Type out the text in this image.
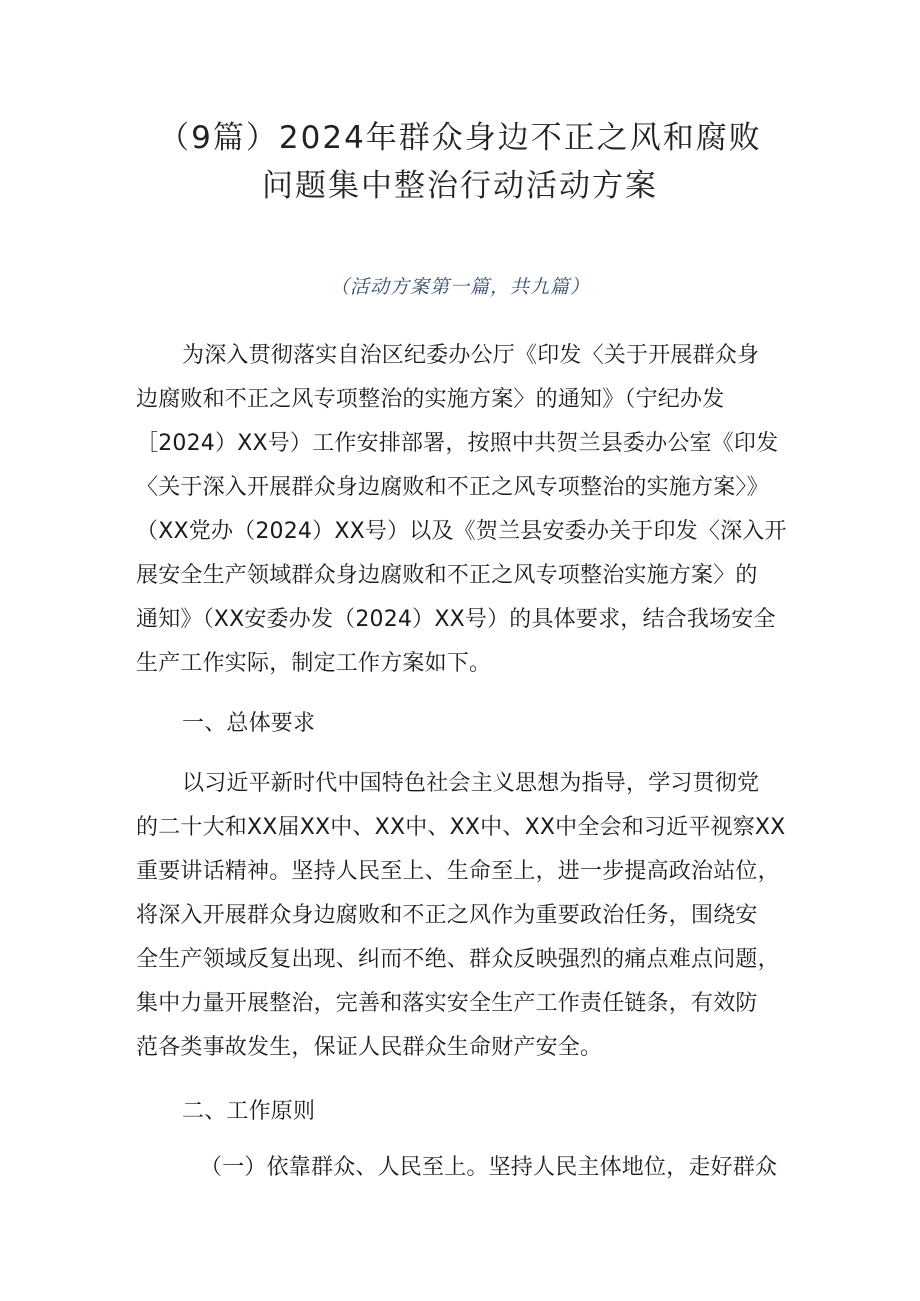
（9篇）2024年群众身边不正之风和腐败
问题集中整治行动活动方案
（活动方案第一篇，共九篇）
为深入贯彻落实自治区纪委办公厅《印发〈关于开展群众身
边腐败和不正之风专项整治的实施方案〉的通知》（宁纪办发
［2024）XX号）工作安排部署，按照中共贺兰县委办公室《印发
〈关于深入开展群众身边腐败和不正之风专项整治的实施方案〉》
（XX党办（2024）XX号）以及《贺兰县安委办关于印发〈深入开
展安全生产领域群众身边腐败和不正之风专项整治实施方案〉的
通知》（XX安委办发（2024）XX号）的具体要求，结合我场安全
生产工作实际，制定工作方案如下。
一、总体要求
以习近平新时代中国特色社会主义思想为指导，学习贯彻党
的二十大和XX届XX中、XX中、XX中、XX中全会和习近平视察XX
重要讲话精神。坚持人民至上、生命至上，进一步提高政治站位，
将深入开展群众身边腐败和不正之风作为重要政治任务，围绕安
全生产领域反复出现、纠而不绝、群众反映强烈的痛点难点问题，
集中力量开展整治，完善和落实安全生产工作责任链条，有效防
范各类事故发生，保证人民群众生命财产安全。
二、工作原则
（一）依靠群众、人民至上。坚持人民主体地位，走好群众
